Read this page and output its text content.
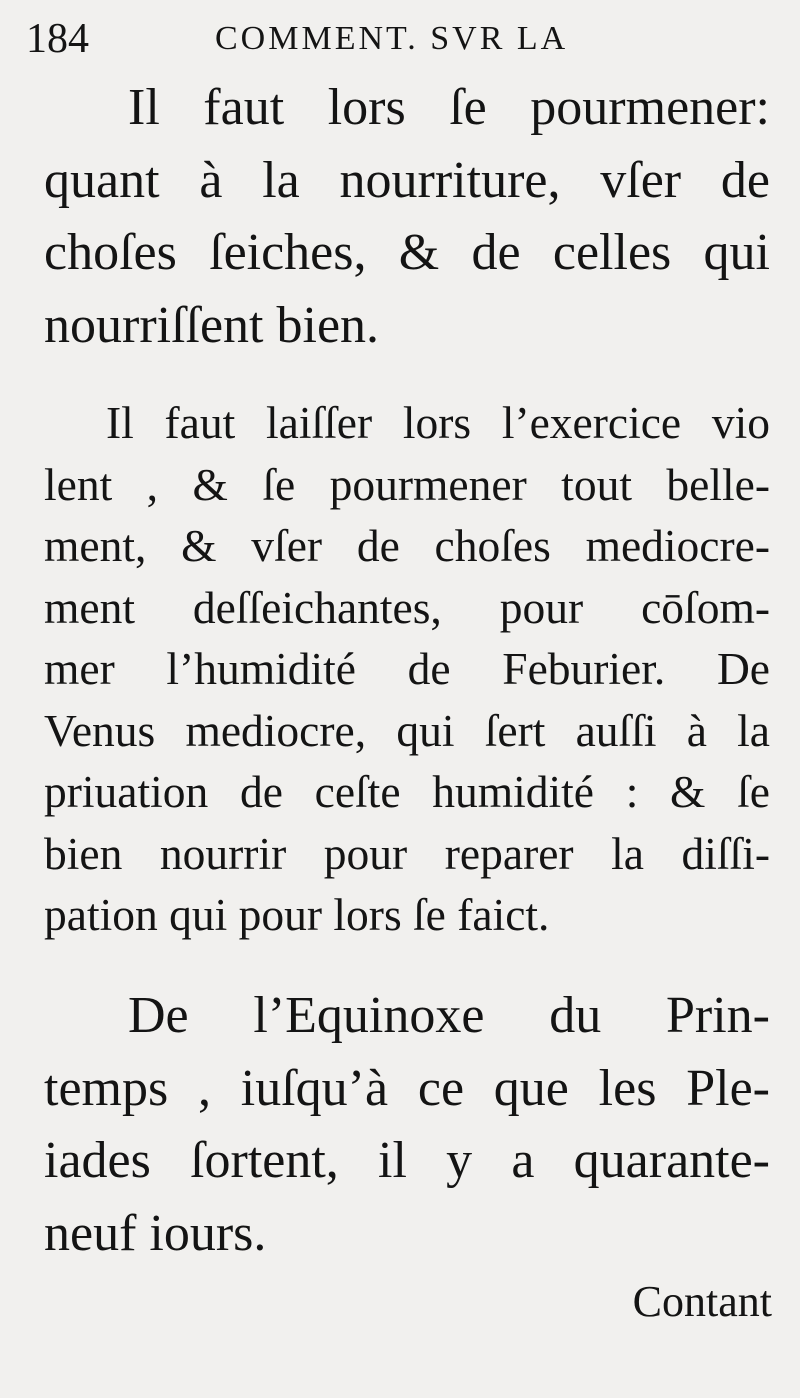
184	COMMENT. SVR LA
Il faut lors ſe pourmener:
quant à la nourriture, vſer de
choſes ſeiches, & de celles qui
nourriſſent bien.
Il faut laiſſer lors l’exercice vio
lent , & ſe pourmener tout belle-
ment, & vſer de choſes mediocre-
ment deſſeichantes, pour cōſom-
mer l’humidité de Feburier. De
Venus mediocre, qui ſert auſſi à la
priuation de ceſte humidité : & ſe
bien nourrir pour reparer la diſſi-
pation qui pour lors ſe faict.
De l’Equinoxe du Prin-
temps , iuſqu’à ce que les Ple-
iades ſortent, il y a quarante-
neuf iours.
Contant
